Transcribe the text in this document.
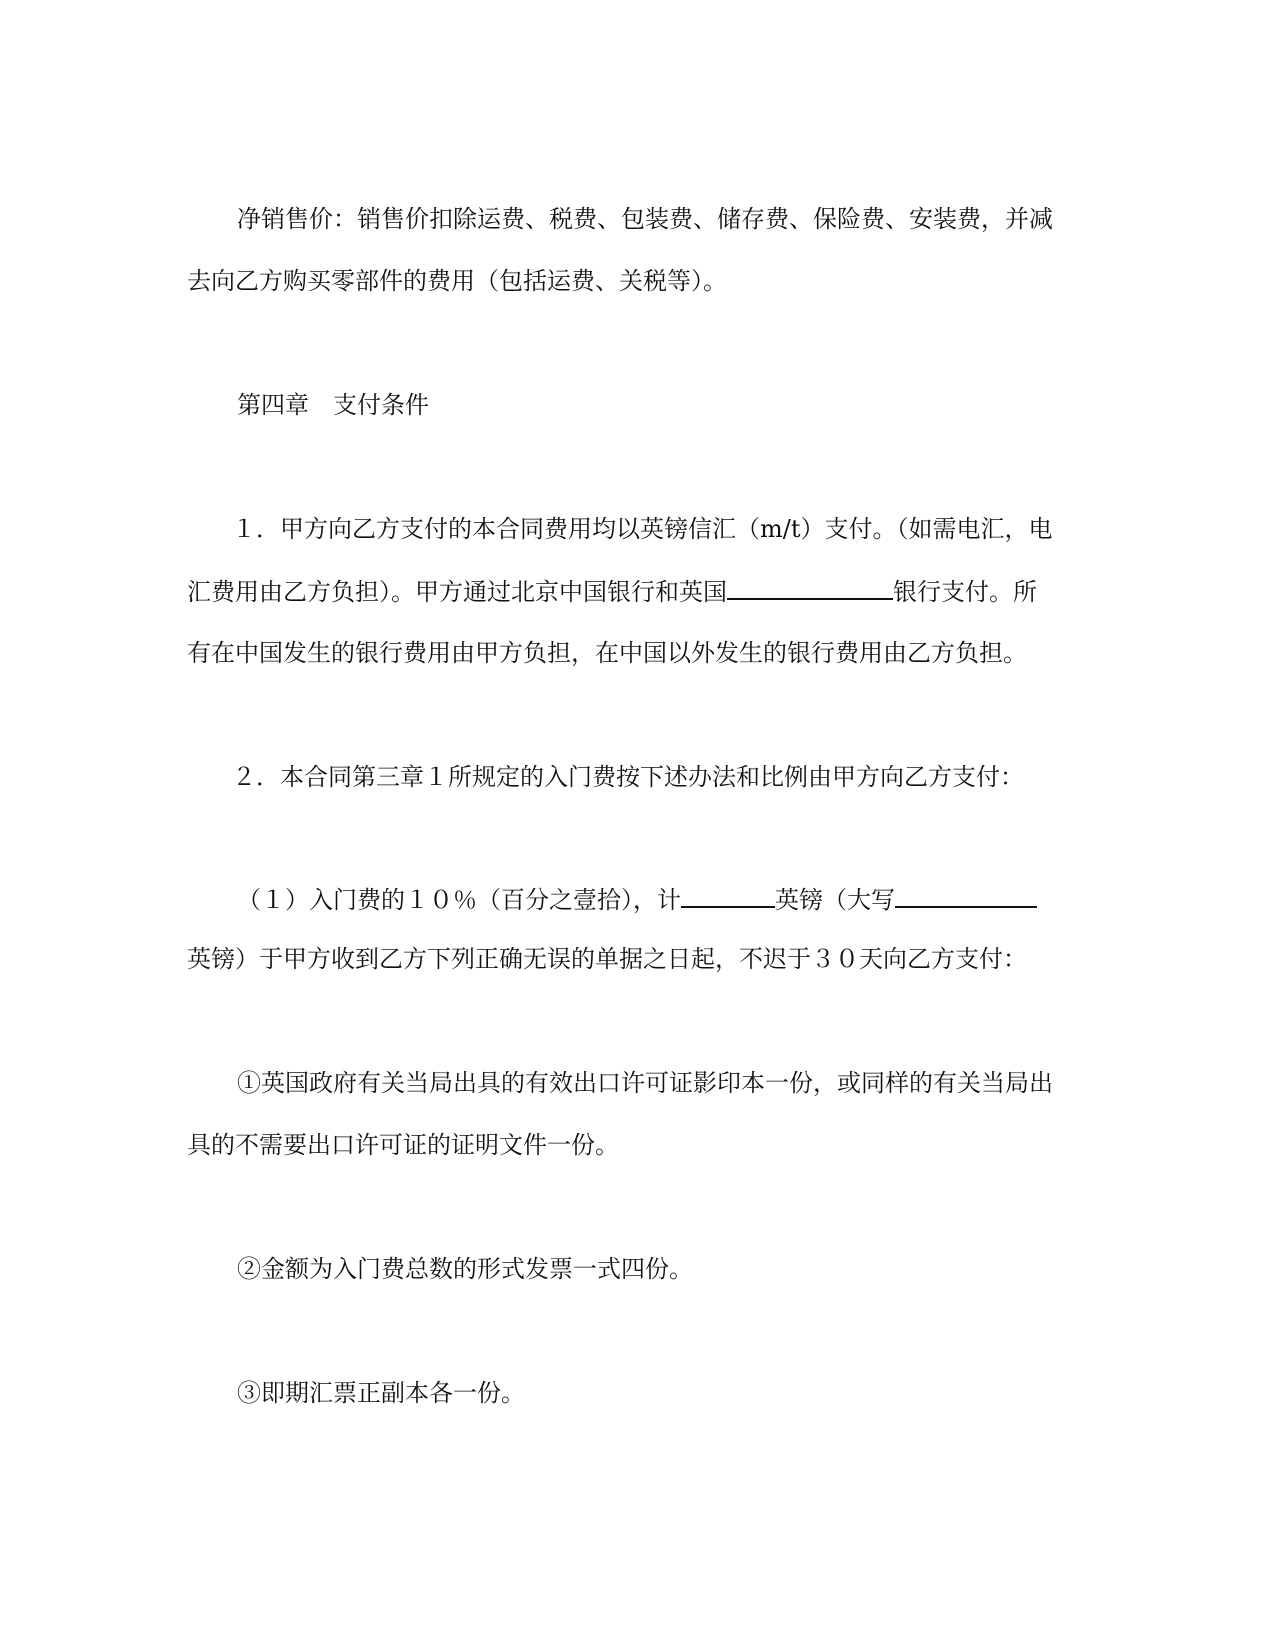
净销售价：销售价扣除运费、税费、包装费、储存费、保险费、安装费，并减
去向乙方购买零部件的费用（包括运费、关税等）。
第四章　支付条件
１．甲方向乙方支付的本合同费用均以英镑信汇（m/t）支付。（如需电汇，电
汇费用由乙方负担）。甲方通过北京中国银行和英国	银行支付。所
有在中国发生的银行费用由甲方负担，在中国以外发生的银行费用由乙方负担。
２．本合同第三章１所规定的入门费按下述办法和比例由甲方向乙方支付：
（１）入门费的１０％（百分之壹拾），计	英镑（大写
英镑）于甲方收到乙方下列正确无误的单据之日起，不迟于３０天向乙方支付：
①英国政府有关当局出具的有效出口许可证影印本一份，或同样的有关当局出
具的不需要出口许可证的证明文件一份。
②金额为入门费总数的形式发票一式四份。
③即期汇票正副本各一份。
